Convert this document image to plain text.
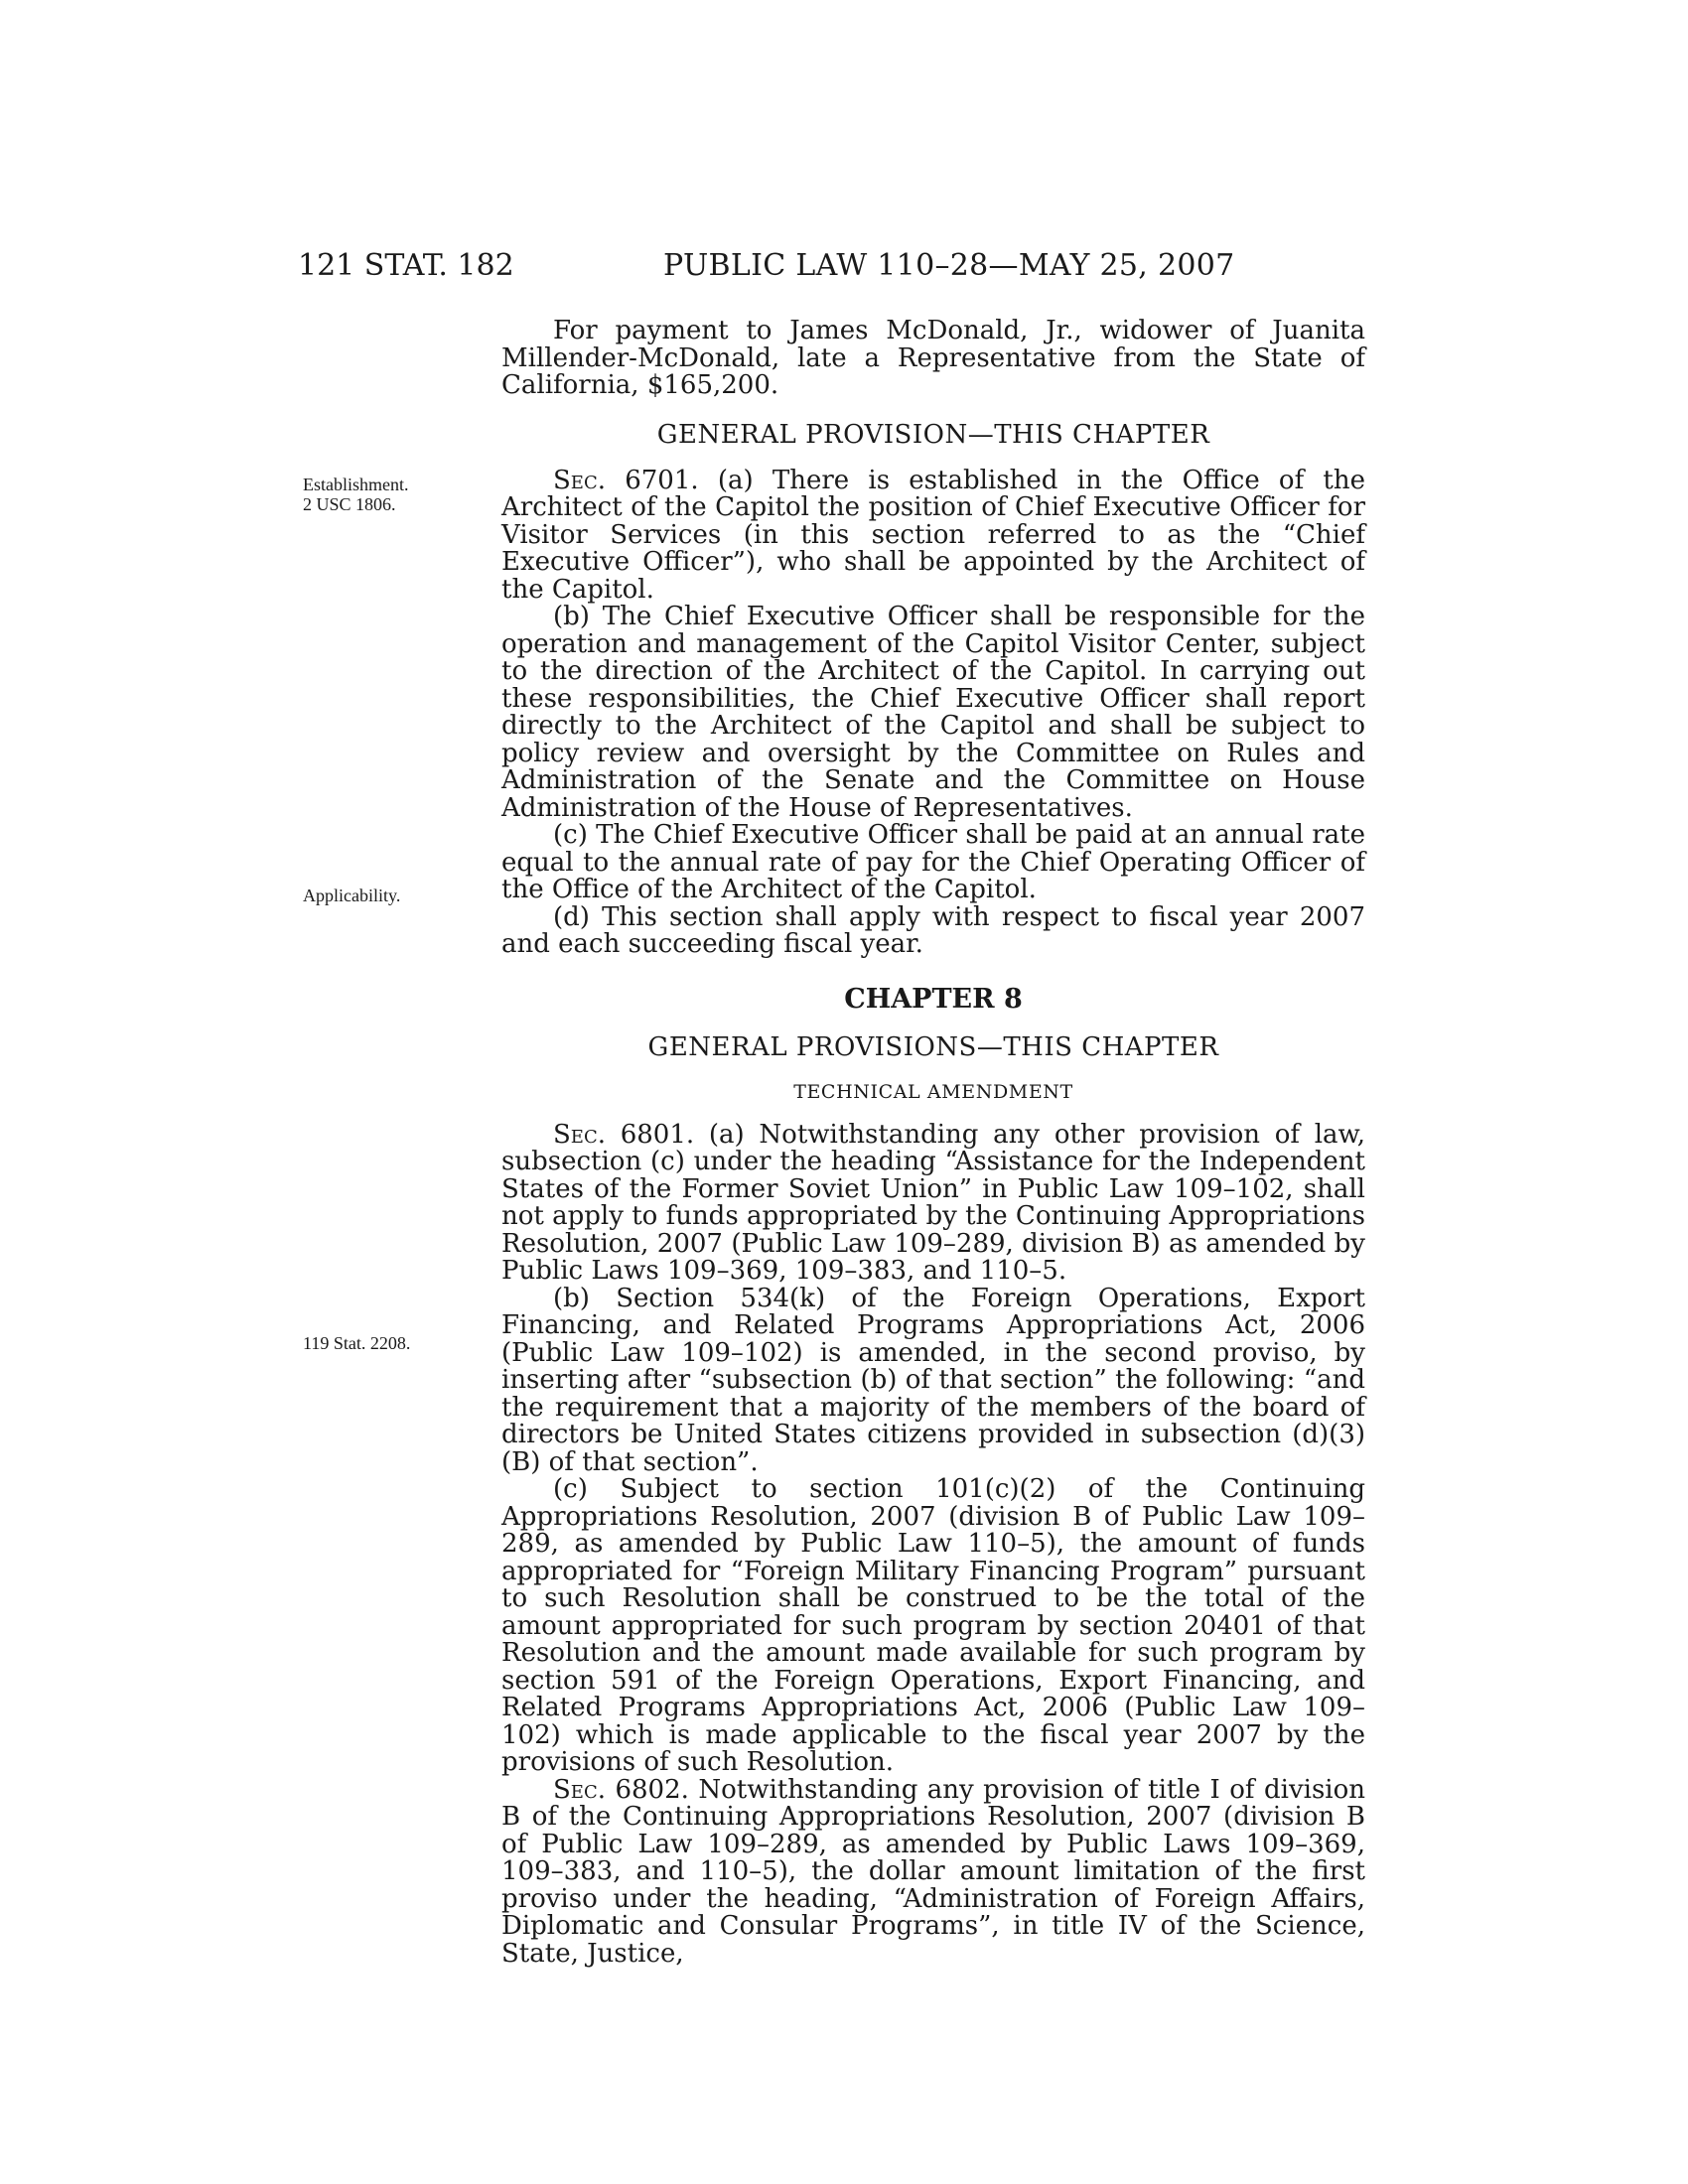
121 STAT. 182	PUBLIC LAW 110–28—MAY 25, 2007
Establishment.
2 USC 1806.
Applicability.
119 Stat. 2208.

For payment to James McDonald, Jr., widower of Juanita Millender-McDonald, late a Representative from the State of California, $165,200.

GENERAL PROVISION—THIS CHAPTER

Sec. 6701. (a) There is established in the Office of the Architect of the Capitol the position of Chief Executive Officer for Visitor Services (in this section referred to as the “Chief Executive Officer”), who shall be appointed by the Architect of the Capitol.

(b) The Chief Executive Officer shall be responsible for the operation and management of the Capitol Visitor Center, subject to the direction of the Architect of the Capitol. In carrying out these responsibilities, the Chief Executive Officer shall report directly to the Architect of the Capitol and shall be subject to policy review and oversight by the Committee on Rules and Administration of the Senate and the Committee on House Administration of the House of Representatives.

(c) The Chief Executive Officer shall be paid at an annual rate equal to the annual rate of pay for the Chief Operating Officer of the Office of the Architect of the Capitol.

(d) This section shall apply with respect to fiscal year 2007 and each succeeding fiscal year.

CHAPTER 8
GENERAL PROVISIONS—THIS CHAPTER
TECHNICAL AMENDMENT

Sec. 6801. (a) Notwithstanding any other provision of law, subsection (c) under the heading “Assistance for the Independent States of the Former Soviet Union” in Public Law 109–102, shall not apply to funds appropriated by the Continuing Appropriations Resolution, 2007 (Public Law 109–289, division B) as amended by Public Laws 109–369, 109–383, and 110–5.

(b) Section 534(k) of the Foreign Operations, Export Financing, and Related Programs Appropriations Act, 2006 (Public Law 109–102) is amended, in the second proviso, by inserting after “subsection (b) of that section” the following: “and the requirement that a majority of the members of the board of directors be United States citizens provided in subsection (d)(3)(B) of that section”.

(c) Subject to section 101(c)(2) of the Continuing Appropriations Resolution, 2007 (division B of Public Law 109–289, as amended by Public Law 110–5), the amount of funds appropriated for “Foreign Military Financing Program” pursuant to such Resolution shall be construed to be the total of the amount appropriated for such program by section 20401 of that Resolution and the amount made available for such program by section 591 of the Foreign Operations, Export Financing, and Related Programs Appropriations Act, 2006 (Public Law 109–102) which is made applicable to the fiscal year 2007 by the provisions of such Resolution.

Sec. 6802. Notwithstanding any provision of title I of division B of the Continuing Appropriations Resolution, 2007 (division B of Public Law 109–289, as amended by Public Laws 109–369, 109–383, and 110–5), the dollar amount limitation of the first proviso under the heading, “Administration of Foreign Affairs, Diplomatic and Consular Programs”, in title IV of the Science, State, Justice,
